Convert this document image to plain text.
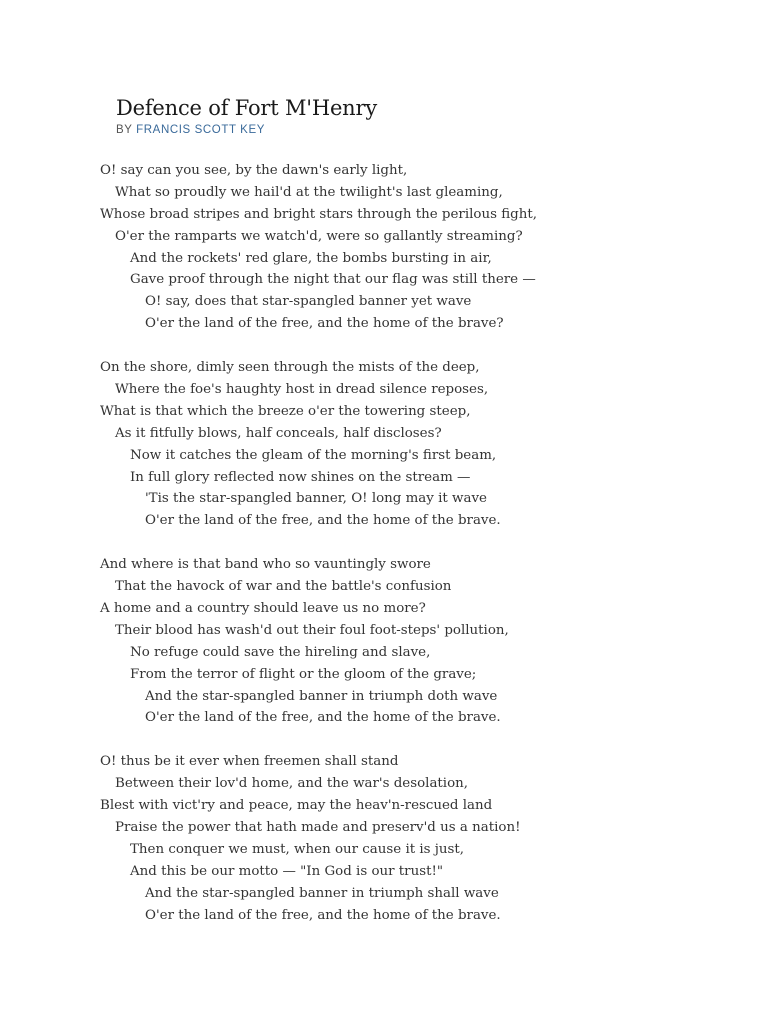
Defence of Fort M'Henry
BY FRANCIS SCOTT KEY
O! say can you see, by the dawn's early light,
What so proudly we hail'd at the twilight's last gleaming,
Whose broad stripes and bright stars through the perilous fight,
O'er the ramparts we watch'd, were so gallantly streaming?
And the rockets' red glare, the bombs bursting in air,
Gave proof through the night that our flag was still there —
O! say, does that star-spangled banner yet wave
O'er the land of the free, and the home of the brave?
On the shore, dimly seen through the mists of the deep,
Where the foe's haughty host in dread silence reposes,
What is that which the breeze o'er the towering steep,
As it fitfully blows, half conceals, half discloses?
Now it catches the gleam of the morning's first beam,
In full glory reflected now shines on the stream —
'Tis the star-spangled banner, O! long may it wave
O'er the land of the free, and the home of the brave.
And where is that band who so vauntingly swore
That the havock of war and the battle's confusion
A home and a country should leave us no more?
Their blood has wash'd out their foul foot-steps' pollution,
No refuge could save the hireling and slave,
From the terror of flight or the gloom of the grave;
And the star-spangled banner in triumph doth wave
O'er the land of the free, and the home of the brave.
O! thus be it ever when freemen shall stand
Between their lov'd home, and the war's desolation,
Blest with vict'ry and peace, may the heav'n-rescued land
Praise the power that hath made and preserv'd us a nation!
Then conquer we must, when our cause it is just,
And this be our motto — "In God is our trust!"
And the star-spangled banner in triumph shall wave
O'er the land of the free, and the home of the brave.
